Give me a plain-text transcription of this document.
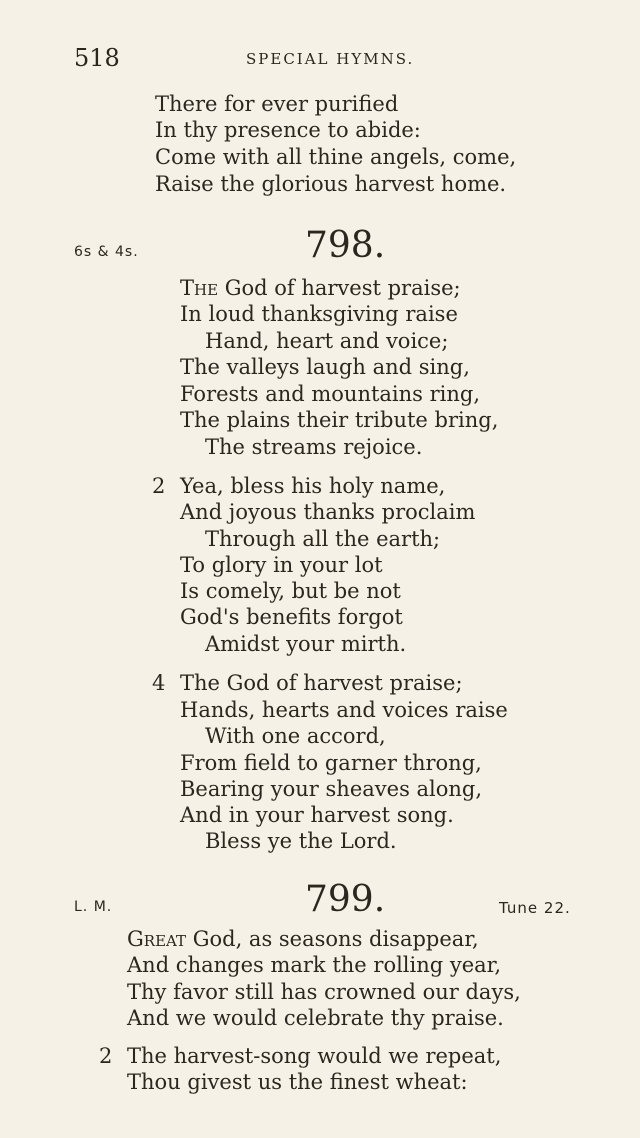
518	SPECIAL HYMNS.
There for ever purified
In thy presence to abide:
Come with all thine angels, come,
Raise the glorious harvest home.
6s & 4s.	798.
The God of harvest praise;
In loud thanksgiving raise
Hand, heart and voice;
The valleys laugh and sing,
Forests and mountains ring,
The plains their tribute bring,
The streams rejoice.
2 Yea, bless his holy name,
And joyous thanks proclaim
Through all the earth;
To glory in your lot
Is comely, but be not
God's benefits forgot
Amidst your mirth.
4 The God of harvest praise;
Hands, hearts and voices raise
With one accord,
From field to garner throng,
Bearing your sheaves along,
And in your harvest song.
Bless ye the Lord.
L. M.	799.	Tune 22.
Great God, as seasons disappear,
And changes mark the rolling year,
Thy favor still has crowned our days,
And we would celebrate thy praise.
2 The harvest-song would we repeat,
Thou givest us the finest wheat:
